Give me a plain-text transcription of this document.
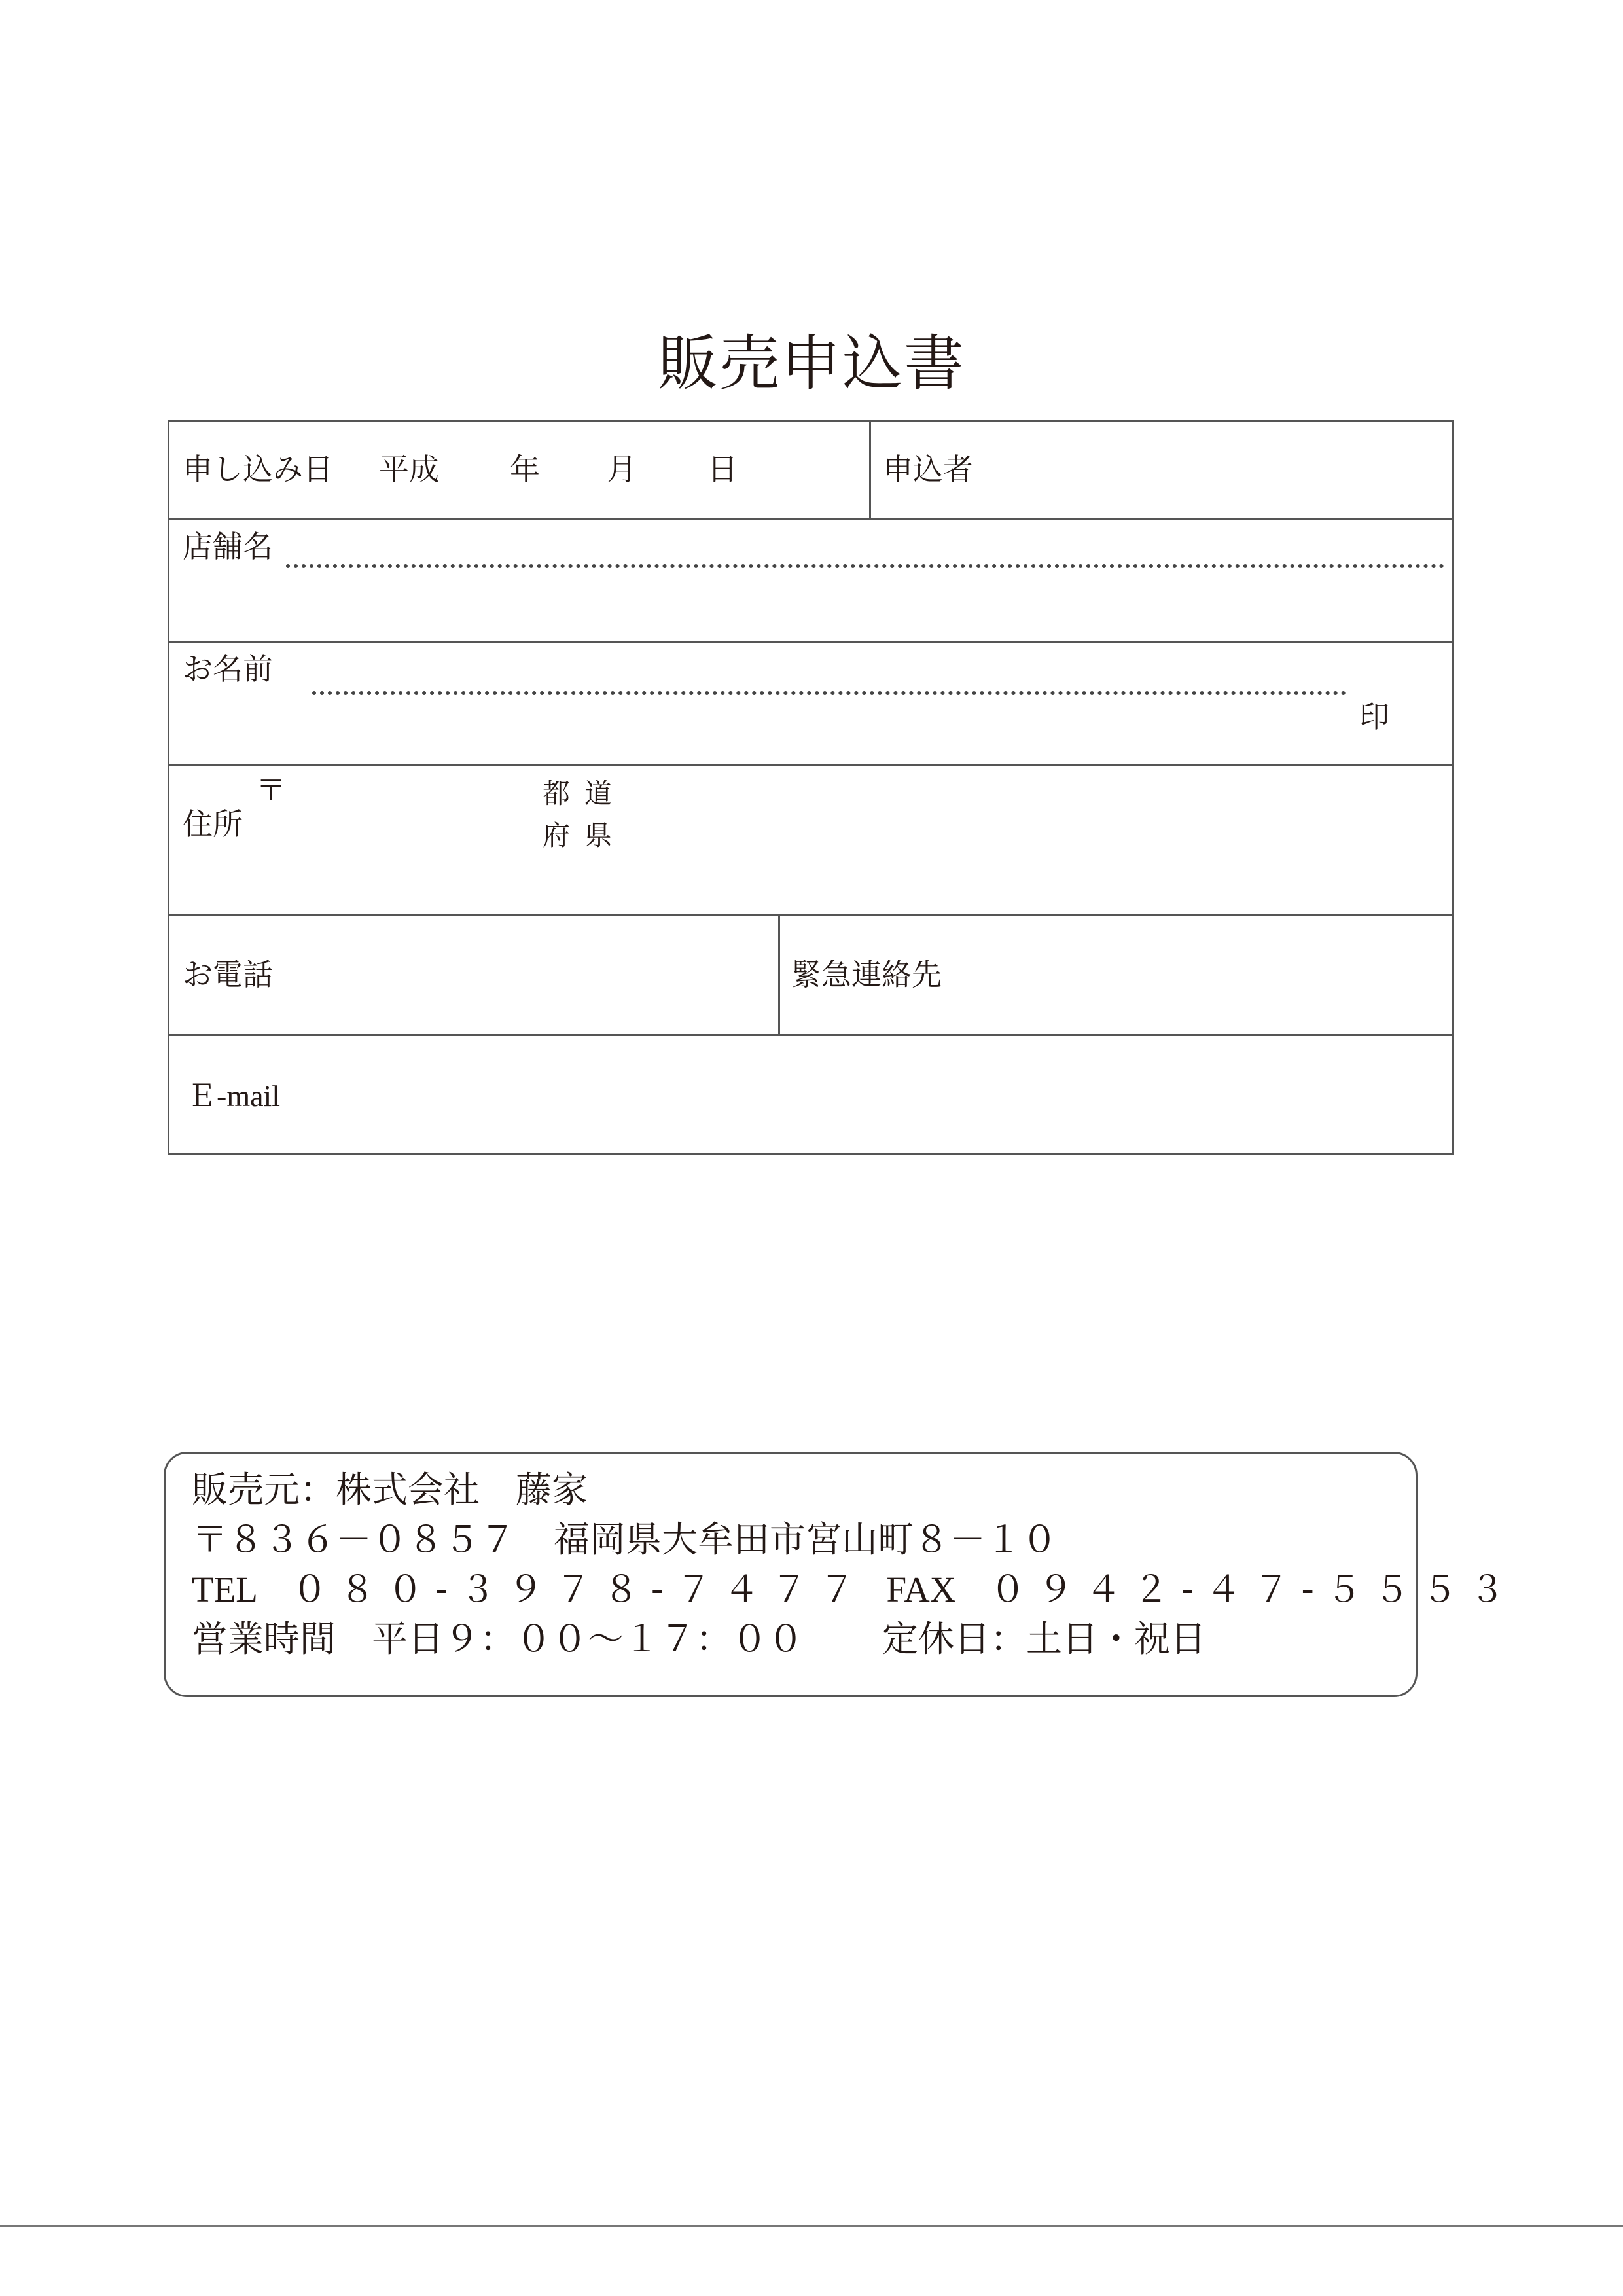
販売申込書
申し込み日 平成 年 月 日	申込者
店舗名
お名前
印
〒
住所
都 道
府 県
お電話	緊急連絡先
Ｅ-mail
販売元：株式会社　藤家
〒８３６－０８５７ 福岡県大牟田市宮山町８－１０
TEL ０８０-３９７８-７４７７ FAX ０９４２-４７-５５５３
営業時間　平日９：００～１７：００ 定休日：土日・祝日
